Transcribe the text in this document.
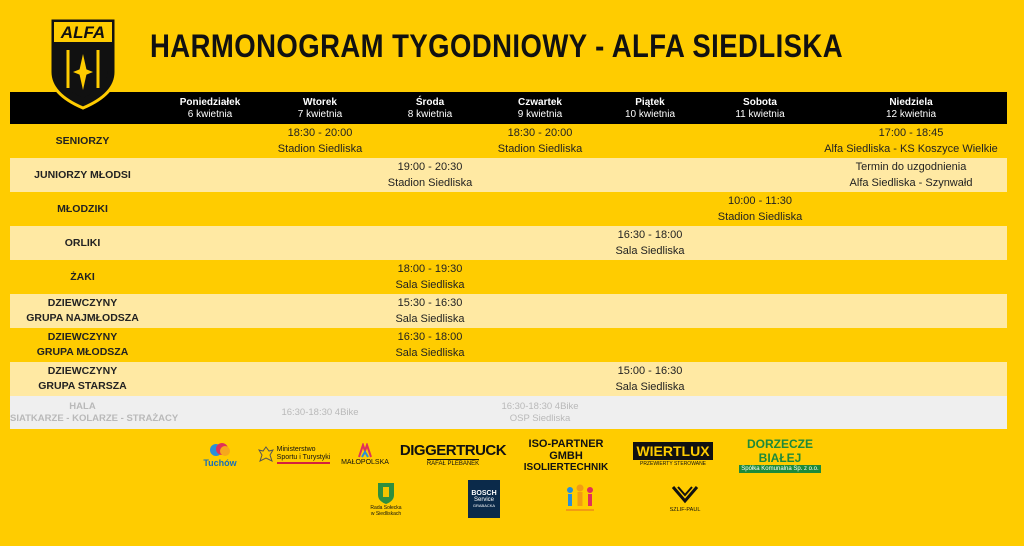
ALFA HARMONOGRAM TYGODNIOWY - ALFA SIEDLISKA
Poniedziałek
6 kwietnia
Wtorek
7 kwietnia
Środa
8 kwietnia
Czwartek
9 kwietnia
Piątek
10 kwietnia
Sobota
11 kwietnia
Niedziela
12 kwietnia
SENIORZY
18:30 - 20:00
Stadion Siedliska
18:30 - 20:00
Stadion Siedliska
17:00 - 18:45
Alfa Siedliska - KS Koszyce Wielkie
JUNIORZY MŁODSI
19:00 - 20:30
Stadion Siedliska
Termin do uzgodnienia
Alfa Siedliska - Szynwałd
MŁODZIKI
10:00 - 11:30
Stadion Siedliska
ORLIKI
16:30 - 18:00
Sala Siedliska
ŻAKI
18:00 - 19:30
Sala Siedliska
DZIEWCZYNY
GRUPA NAJMŁODSZA
15:30 - 16:30
Sala Siedliska
DZIEWCZYNY
GRUPA MŁODSZA
16:30 - 18:00
Sala Siedliska
DZIEWCZYNY
GRUPA STARSZA
15:00 - 16:30
Sala Siedliska
HALA
SIATKARZE - KOLARZE - STRAŻACY
16:30-18:30 4Bike
16:30-18:30 4Bike
OSP Siedliska
Tuchów
Ministerstwo
Sportu i Turystyki
MAŁOPOLSKA
DIGGERTRUCK
RAFAŁ PLEBANEK
ISO-PARTNER GMBH
ISOLIERTECHNIK
WIERTLUX
PRZEWIERTY STEROWANE
DORZECZE BIAŁEJ
Spółka Komunalna Sp. z o.o.
Rada Sołecka
w Siedliskach
BOSCH
Service
GRABACKA
SZLIF-PAUL
